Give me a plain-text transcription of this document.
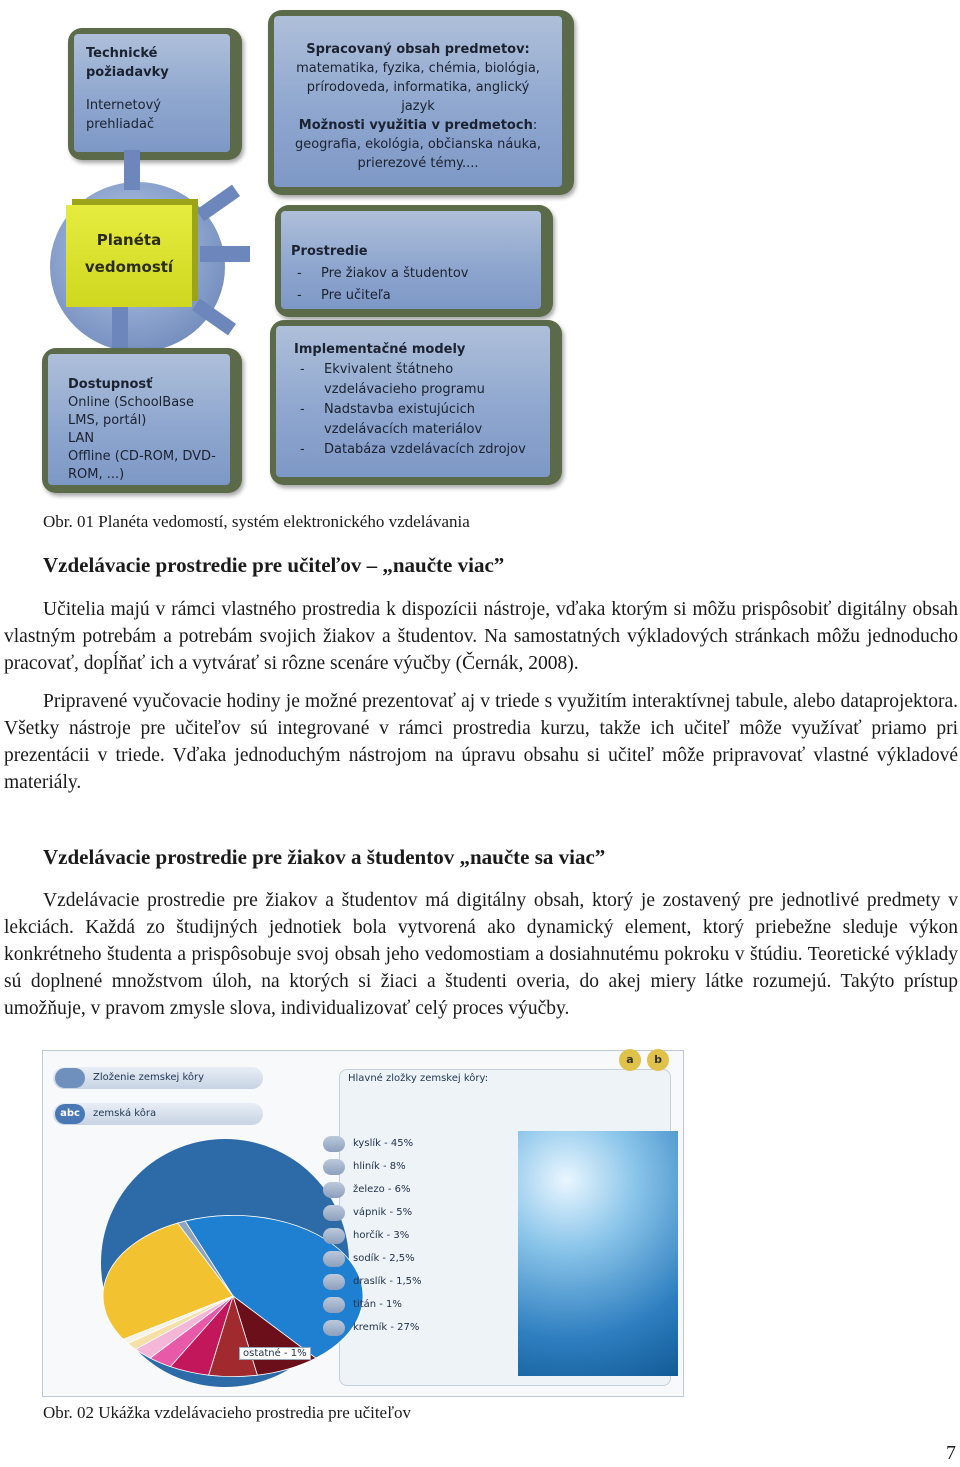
Technické požiadavky
Internetový prehliadač
Spracovaný obsah predmetov:
matematika, fyzika, chémia, biológia, prírodoveda, informatika, anglický jazyk
Možnosti využitia v predmetoch: geografia, ekológia, občianska náuka, prierezové témy....
Planéta
vedomostí
Prostredie
-	Pre žiakov a študentov
-	Pre učiteľa
Dostupnosť
Online (SchoolBase
LMS, portál)
LAN
Offline (CD-ROM, DVD-
ROM, ...)
Implementačné modely
-	Ekvivalent štátneho vzdelávacieho programu
-	Nadstavba existujúcich vzdelávacích materiálov
-	Databáza vzdelávacích zdrojov
Obr. 01 Planéta vedomostí, systém elektronického vzdelávania
Vzdelávacie prostredie pre učiteľov – „naučte viac”

Učitelia majú v rámci vlastného prostredia k dispozícii nástroje, vďaka ktorým si môžu prispôsobiť digitálny obsah vlastným potrebám a potrebám svojich žiakov a študentov. Na samostatných výkladových stránkach môžu jednoducho pracovať, dopĺňať ich a vytvárať si rôzne scenáre výučby (Černák, 2008).

Pripravené vyučovacie hodiny je možné prezentovať aj v triede s využitím interaktívnej tabule, alebo dataprojektora. Všetky nástroje pre učiteľov sú integrované v rámci prostredia kurzu, takže ich učiteľ môže využívať priamo pri prezentácii v triede. Vďaka jednoduchým nástrojom na úpravu obsahu si učiteľ môže pripravovať vlastné výkladové materiály.

Vzdelávacie prostredie pre žiakov a študentov „naučte sa viac”

Vzdelávacie prostredie pre žiakov a študentov má digitálny obsah, ktorý je zostavený pre jednotlivé predmety v lekciách. Každá zo študijných jednotiek bola vytvorená ako dynamický element, ktorý priebežne sleduje výkon konkrétneho študenta a prispôsobuje svoj obsah jeho vedomostiam a dosiahnutému pokroku v štúdiu. Teoretické výklady sú doplnené množstvom úloh, na ktorých si žiaci a študenti overia, do akej miery látke rozumejú. Takýto prístup umožňuje, v pravom zmysle slova, individualizovať celý proces výučby.

Zloženie zemskej kôry
abc	zemská kôra
Hlavné zložky zemskej kôry:
a	b
kyslík - 45%
hliník - 8%
železo - 6%
vápnik - 5%
horčík - 3%
sodík - 2,5%
draslík - 1,5%
titán - 1%
kremík - 27%
ostatné - 1%
Obr. 02 Ukážka vzdelávacieho prostredia pre učiteľov
7
